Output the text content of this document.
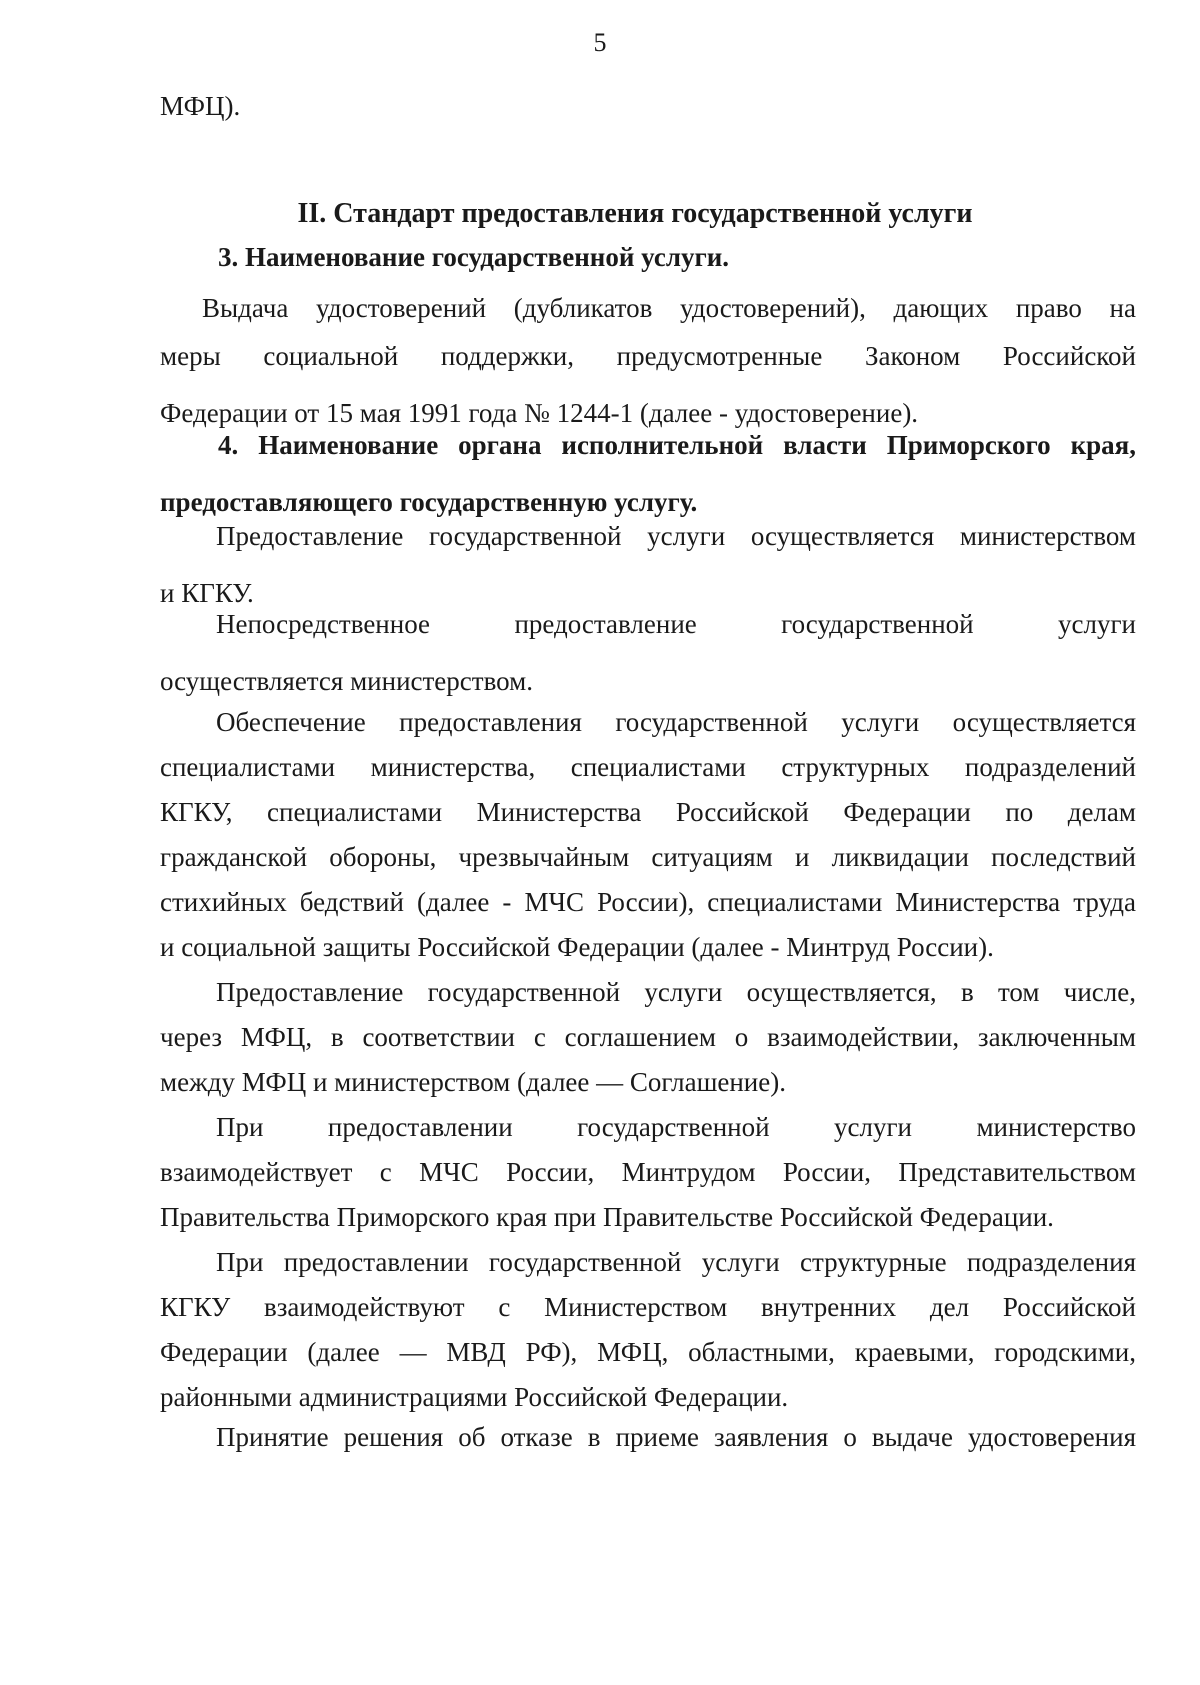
5
МФЦ).
II. Стандарт предоставления государственной услуги
3. Наименование государственной услуги.
Выдача удостоверений (дубликатов удостоверений), дающих право на
меры социальной поддержки, предусмотренные Законом Российской
Федерации от 15 мая 1991 года № 1244-1 (далее - удостоверение).
4. Наименование органа исполнительной власти Приморского края,
предоставляющего государственную услугу.
Предоставление государственной услуги осуществляется министерством
и КГКУ.
Непосредственное предоставление государственной услуги
осуществляется министерством.
Обеспечение предоставления государственной услуги осуществляется
специалистами министерства, специалистами структурных подразделений
КГКУ, специалистами Министерства Российской Федерации по делам
гражданской обороны, чрезвычайным ситуациям и ликвидации последствий
стихийных бедствий (далее - МЧС России), специалистами Министерства труда
и социальной защиты Российской Федерации (далее - Минтруд России).
Предоставление государственной услуги осуществляется, в том числе,
через МФЦ, в соответствии с соглашением о взаимодействии, заключенным
между МФЦ и министерством (далее — Соглашение).
При предоставлении государственной услуги министерство
взаимодействует с МЧС России, Минтрудом России, Представительством
Правительства Приморского края при Правительстве Российской Федерации.
При предоставлении государственной услуги структурные подразделения
КГКУ взаимодействуют с Министерством внутренних дел Российской
Федерации (далее — МВД РФ), МФЦ, областными, краевыми, городскими,
районными администрациями Российской Федерации.
Принятие решения об отказе в приеме заявления о выдаче удостоверения
